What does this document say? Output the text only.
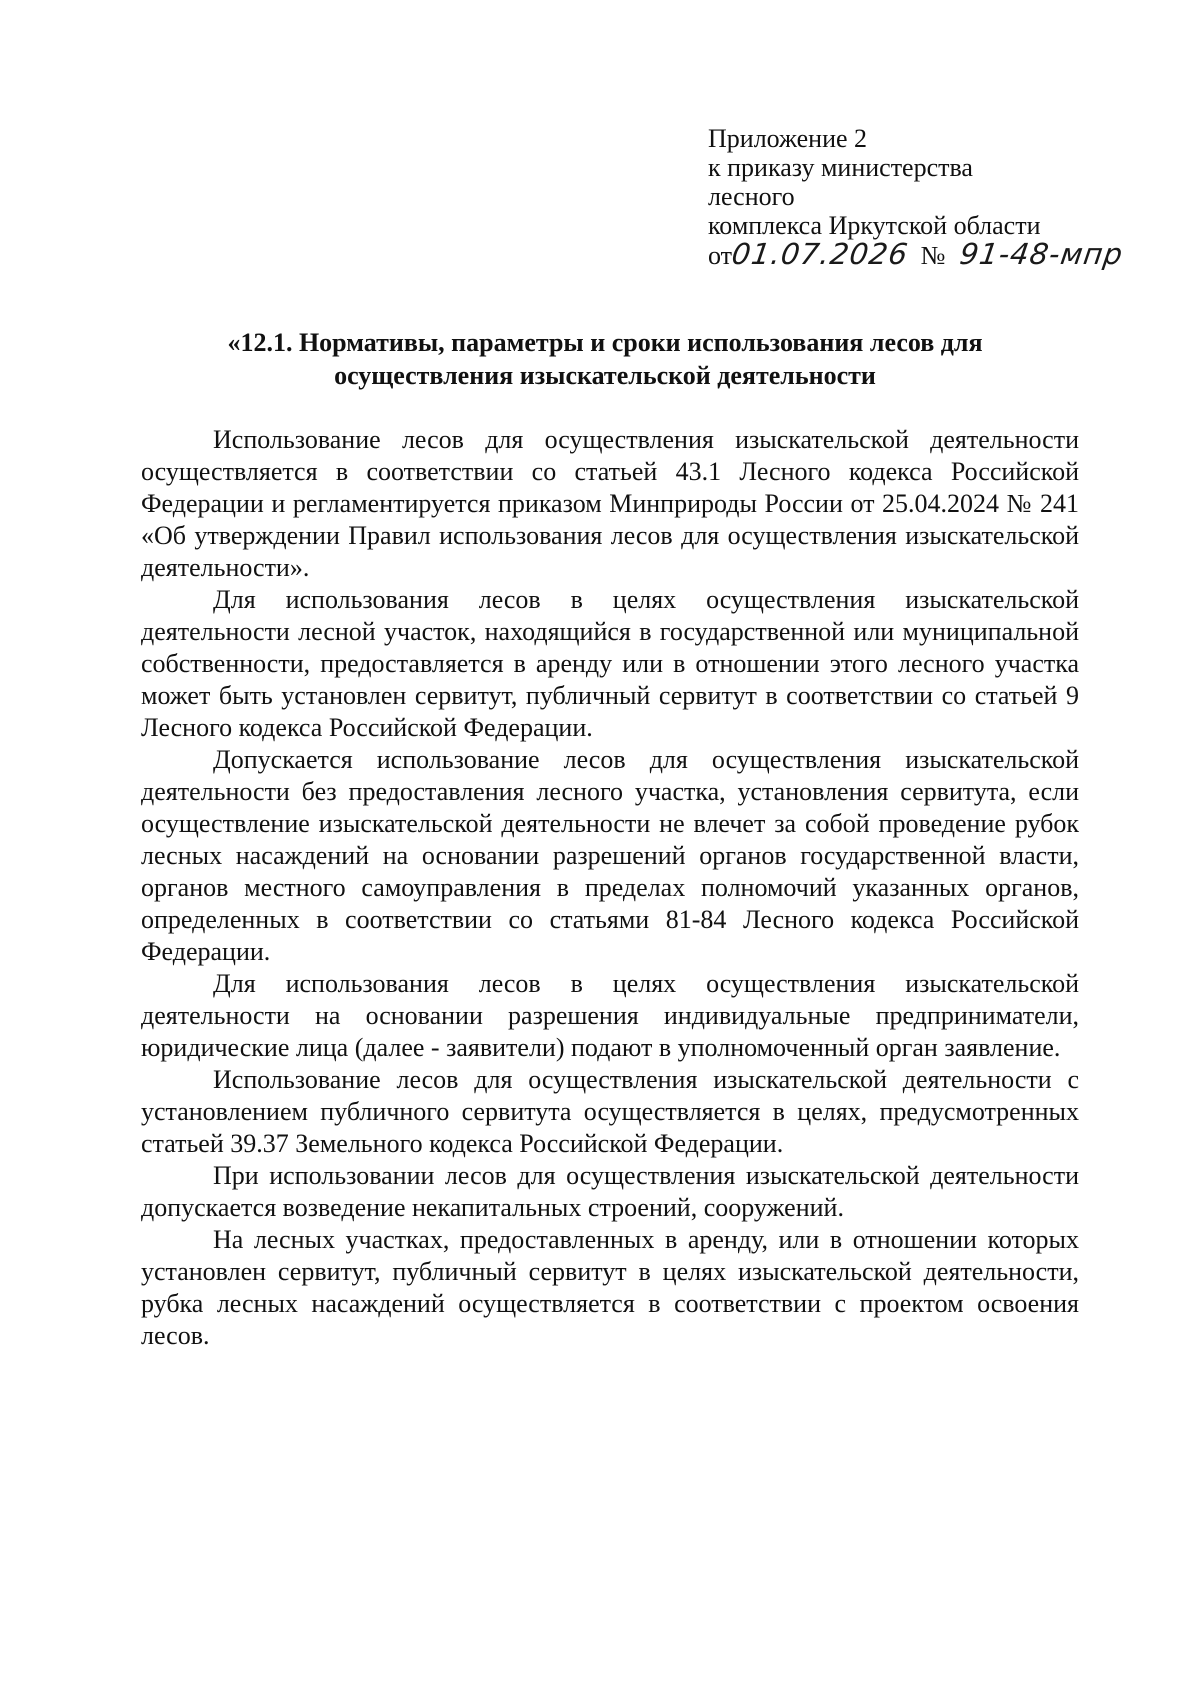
Приложение 2
к приказу министерства
лесного
комплекса Иркутской области
от01.07.2026 № 91-48-мпр
«12.1. Нормативы, параметры и сроки использования лесов для
осуществления изыскательской деятельности

Использование лесов для осуществления изыскательской деятельности осуществляется в соответствии со статьей 43.1 Лесного кодекса Российской Федерации и регламентируется приказом Минприроды России от 25.04.2024 № 241 «Об утверждении Правил использования лесов для осуществления изыскательской деятельности».

Для использования лесов в целях осуществления изыскательской деятельности лесной участок, находящийся в государственной или муниципальной собственности, предоставляется в аренду или в отношении этого лесного участка может быть установлен сервитут, публичный сервитут в соответствии со статьей 9 Лесного кодекса Российской Федерации.

Допускается использование лесов для осуществления изыскательской деятельности без предоставления лесного участка, установления сервитута, если осуществление изыскательской деятельности не влечет за собой проведение рубок лесных насаждений на основании разрешений органов государственной власти, органов местного самоуправления в пределах полномочий указанных органов, определенных в соответствии со статьями 81-84 Лесного кодекса Российской Федерации.

Для использования лесов в целях осуществления изыскательской деятельности на основании разрешения индивидуальные предприниматели, юридические лица (далее - заявители) подают в уполномоченный орган заявление.

Использование лесов для осуществления изыскательской деятельности с установлением публичного сервитута осуществляется в целях, предусмотренных статьей 39.37 Земельного кодекса Российской Федерации.

При использовании лесов для осуществления изыскательской деятельности допускается возведение некапитальных строений, сооружений.

На лесных участках, предоставленных в аренду, или в отношении которых установлен сервитут, публичный сервитут в целях изыскательской деятельности, рубка лесных насаждений осуществляется в соответствии с проектом освоения лесов.
